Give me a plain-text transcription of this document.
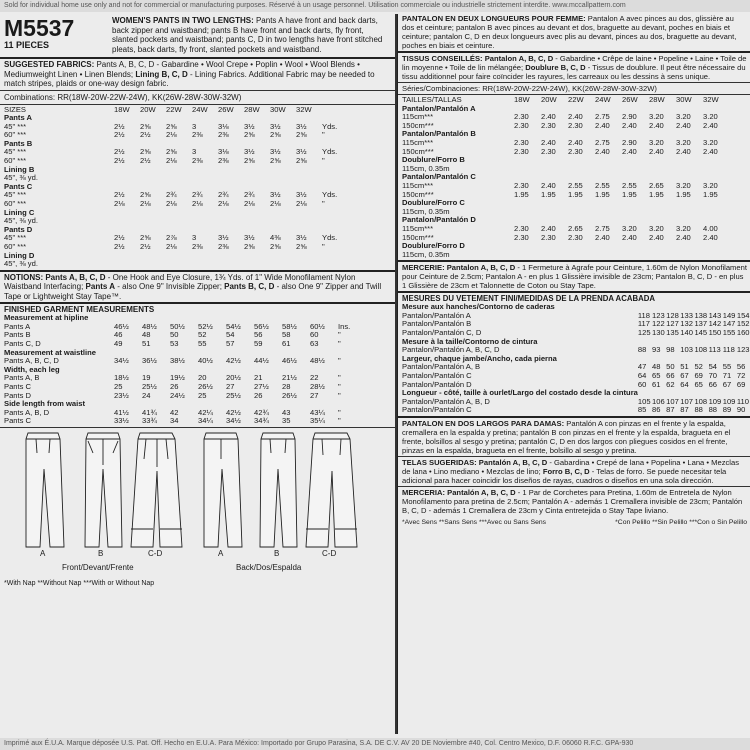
Sold for individual home use only and not for commercial or manufacturing purposes. Réservé à un usage personnel. Utilisation commerciale ou industrielle strictement interdite. www.mccallpattern.com
M5537
11 PIECES
WOMEN'S PANTS IN TWO LENGTHS: Pants A have front and back darts, back zipper and waistband; pants B have front and back darts, fly front, slanted pockets and waistband; pants C, D in two lengths have front stitched pleats, back darts, fly front, slanted pockets and waistband.
SUGGESTED FABRICS: Pants A, B, C, D - Gabardine • Wool Crepe • Poplin • Wool • Wool Blends • Mediumweight Linen • Linen Blends; Lining B, C, D - Lining Fabrics. Additional Fabric may be needed to match stripes, plaids or one-way design fabric.
Combinations: RR(18W-20W-22W-24W), KK(26W-28W-30W-32W)
SIZES	18W	20W	22W	24W	26W	28W	30W	32W	
Pants A									
45" ***	2½	2⅝	2⅝	3	3⅛	3½	3½	3½	Yds.
60" ***	2½	2½	2⅛	2⅜	2⅜	2⅝	2⅝	2⅝	"
Pants B									
45" ***	2½	2⅝	2⅝	3	3⅛	3½	3½	3½	Yds.
60" ***	2½	2½	2⅛	2⅜	2⅜	2⅝	2⅝	2⅝	"
Lining B									
45", ⅜ yd.									
Pants C									
45" ***	2½	2⅝	2¾	2¾	2¾	2¾	3½	3½	Yds.
60" ***	2⅛	2⅛	2⅛	2⅛	2⅛	2⅛	2⅛	2⅛	"
Lining C									
45", ⅜ yd.									
Pants D									
45" ***	2½	2⅝	2⅞	3	3½	3½	4⅜	3½	Yds.
60" ***	2½	2½	2⅛	2⅜	2⅜	2⅝	2⅝	2⅝	"
Lining D									
45", ⅜ yd.									
NOTIONS: Pants A, B, C, D - One Hook and Eye Closure, 1¾ Yds. of 1" Wide Monofilament Nylon Waistband Interfacing; Pants A - also One 9" Invisible Zipper; Pants B, C, D - also One 9" Zipper and Twill Tape or Lightweight Stay Tape™.
FINISHED GARMENT MEASUREMENTS
Measurement at hipline									
Pants A	46½	48½	50½	52½	54½	56½	58½	60½	Ins.
Pants B	46	48	50	52	54	56	58	60	"
Pants C, D	49	51	53	55	57	59	61	63	"
Measurement at waistline									
Pants A, B, C, D	34½	36½	38½	40½	42½	44½	46½	48½	"
Width, each leg									
Pants A, B	18½	19	19½	20	20½	21	21½	22	"
Pants C	25	25½	26	26½	27	27½	28	28½	"
Pants D	23½	24	24½	25	25½	26	26½	27	"
Side length from waist									
Pants A, B, D	41½	41¾	42	42¼	42½	42¾	43	43¼	"
Pants C	33½	33¾	34	34¼	34½	34¾	35	35¼	"
A	B	C-D
Front/Devant/Frente
A	B	C-D
Back/Dos/Espalda
*With Nap **Without Nap ***With or Without Nap
PANTALON EN DEUX LONGUEURS POUR FEMME: Pantalon A avec pinces au dos, glissière au dos et ceinture; pantalon B avec pinces au devant et dos, braguette au devant, poches en biais et ceinture; pantalon C, D en deux longueurs avec plis au devant, pinces au dos, braguette au devant, poches en biais et ceinture.
TISSUS CONSEILLÉS: Pantalon A, B, C, D - Gabardine • Crêpe de laine • Popeline • Laine • Toile de lin moyenne • Toile de lin mélangée; Doublure B, C, D - Tissus de doublure. Il peut être nécessaire du tissu additionnel pour faire coïncider les rayures, les carreaux ou les dessins à sens unique.
Séries/Combinaciones: RR(18W-20W-22W-24W), KK(26W-28W-30W-32W)
TAILLES/TALLAS	18W	20W	22W	24W	26W	28W	30W	32W
Pantalon/Pantalón A								
115cm***	2.30	2.40	2.40	2.75	2.90	3.20	3.20	3.20
150cm***	2.30	2.30	2.30	2.40	2.40	2.40	2.40	2.40
Pantalon/Pantalón B								
115cm***	2.30	2.40	2.40	2.75	2.90	3.20	3.20	3.20
150cm***	2.30	2.30	2.30	2.40	2.40	2.40	2.40	2.40
Doublure/Forro B								
115cm, 0.35m								
Pantalon/Pantalón C								
115cm***	2.30	2.40	2.55	2.55	2.55	2.65	3.20	3.20
150cm***	1.95	1.95	1.95	1.95	1.95	1.95	1.95	1.95
Doublure/Forro C								
115cm, 0.35m								
Pantalon/Pantalón D								
115cm***	2.30	2.40	2.65	2.75	3.20	3.20	3.20	4.00
150cm***	2.30	2.30	2.30	2.40	2.40	2.40	2.40	2.40
Doublure/Forro D								
115cm, 0.35m								
MERCERIE: Pantalon A, B, C, D - 1 Fermeture à Agrafe pour Ceinture, 1.60m de Nylon Monofilament pour Ceinture de 2.5cm; Pantalon A - en plus 1 Glissière invisible de 23cm; Pantalon B, C, D - en plus 1 Glissière de 23cm et Talonnette de Coton ou Stay Tape.
MESURES DU VETEMENT FINI/MEDIDAS DE LA PRENDA ACABADA
Mesure aux hanches/Contorno de caderas								
Pantalon/Pantalón A	118	123	128	133	138	143	149	154
Pantalon/Pantalón B	117	122	127	132	137	142	147	152
Pantalon/Pantalón C, D	125	130	135	140	145	150	155	160
Mesure à la taille/Contorno de cintura								
Pantalon/Pantalón A, B, C, D	88	93	98	103	108	113	118	123
Largeur, chaque jambe/Ancho, cada pierna								
Pantalon/Pantalón A, B	47	48	50	51	52	54	55	56
Pantalon/Pantalón C	64	65	66	67	69	70	71	72
Pantalon/Pantalón D	60	61	62	64	65	66	67	69
Longueur - côté, taille à ourlet/Largo del costado desde la cintura								
Pantalon/Pantalón A, B, D	105	106	107	107	108	109	109	110
Pantalon/Pantalón C	85	86	87	87	88	88	89	90
PANTALON EN DOS LARGOS PARA DAMAS: Pantalón A con pinzas en el frente y la espalda, cremallera en la espalda y pretina; pantalón B con pinzas en el frente y la espalda, bragueta en el frente, bolsillos al sesgo y pretina; pantalón C, D en dos largos con pliegues cosidos en el frente, pinzas en la espalda, bragueta en el frente, bolsillo al sesgo y pretina.
TELAS SUGERIDAS: Pantalón A, B, C, D - Gabardina • Crepé de lana • Popelina • Lana • Mezclas de lana • Lino mediano • Mezclas de lino; Forro B, C, D - Telas de forro. Se puede necesitar tela adicional para hacer coincidir los diseños de rayas, cuadros o diseños en una sola dirección.
MERCERIA: Pantalón A, B, C, D - 1 Par de Corchetes para Pretina, 1.60m de Entretela de Nylon Monofilamento para pretina de 2.5cm; Pantalón A - además 1 Cremallera invisible de 23cm; Pantalón B, C, D - además 1 Cremallera de 23cm y Cinta entretejida o Stay Tape liviano.
*Avec Sens **Sans Sens ***Avec ou Sans Sens	*Con Pelillo **Sin Pelillo ***Con o Sin Pelillo
Imprimé aux É.U.A. Marque déposée U.S. Pat. Off. Hecho en E.U.A. Para México: Importado por Grupo Parasina, S.A. DE C.V. AV 20 DE Noviembre #40, Col. Centro Mexico, D.F. 06060 R.F.C. GPA-930
